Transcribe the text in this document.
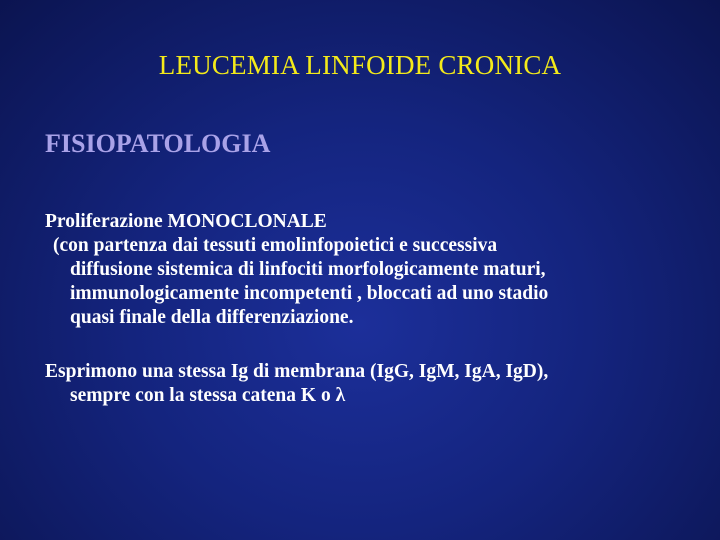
LEUCEMIA LINFOIDE CRONICA
FISIOPATOLOGIA
Proliferazione MONOCLONALE
(con partenza dai tessuti emolinfopoietici e successiva
diffusione sistemica di linfociti morfologicamente maturi,
immunologicamente incompetenti , bloccati ad uno stadio
quasi finale della differenziazione.
Esprimono una stessa Ig di membrana (IgG, IgM, IgA, IgD),
sempre con la stessa catena K o λ
